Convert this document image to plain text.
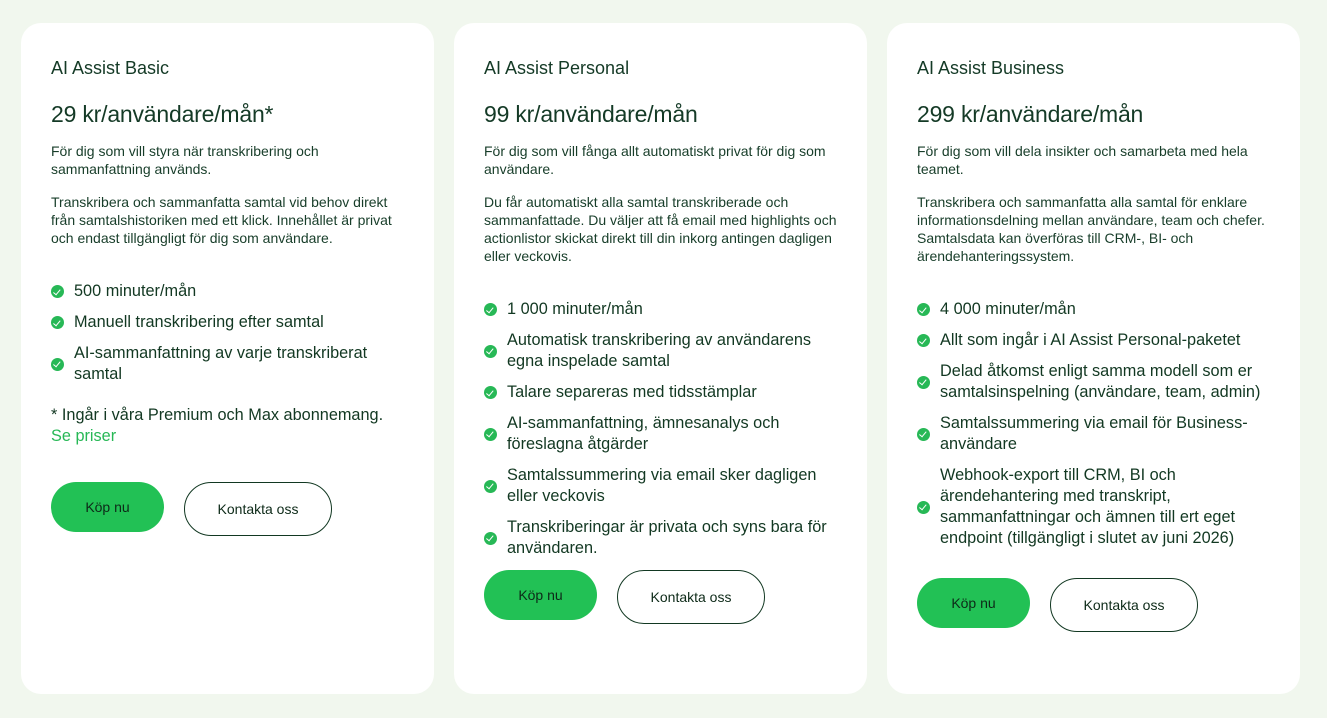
AI Assist Basic
29 kr/användare/mån*

För dig som vill styra när transkribering och sammanfattning används.

Transkribera och sammanfatta samtal vid behov direkt från samtalshistoriken med ett klick. Innehållet är privat och endast tillgängligt för dig som användare.

500 minuter/mån
Manuell transkribering efter samtal
AI-sammanfattning av varje transkriberat samtal
* Ingår i våra Premium och Max abonnemang.
Se priser
Köp nu	Kontakta oss
AI Assist Personal
99 kr/användare/mån

För dig som vill fånga allt automatiskt privat för dig som användare.

Du får automatiskt alla samtal transkriberade och sammanfattade. Du väljer att få email med highlights och actionlistor skickat direkt till din inkorg antingen dagligen eller veckovis.

1 000 minuter/mån
Automatisk transkribering av användarens egna inspelade samtal
Talare separeras med tidsstämplar
AI-sammanfattning, ämnesanalys och föreslagna åtgärder
Samtalssummering via email sker dagligen eller veckovis
Transkriberingar är privata och syns bara för användaren.
Köp nu	Kontakta oss
AI Assist Business
299 kr/användare/mån

För dig som vill dela insikter och samarbeta med hela teamet.

Transkribera och sammanfatta alla samtal för enklare informationsdelning mellan användare, team och chefer. Samtalsdata kan överföras till CRM-, BI- och ärendehanteringssystem.

4 000 minuter/mån
Allt som ingår i AI Assist Personal-paketet
Delad åtkomst enligt samma modell som er samtalsinspelning (användare, team, admin)
Samtalssummering via email för Business-användare
Webhook-export till CRM, BI och ärendehantering med transkript, sammanfattningar och ämnen till ert eget endpoint (tillgängligt i slutet av juni 2026)
Köp nu	Kontakta oss
